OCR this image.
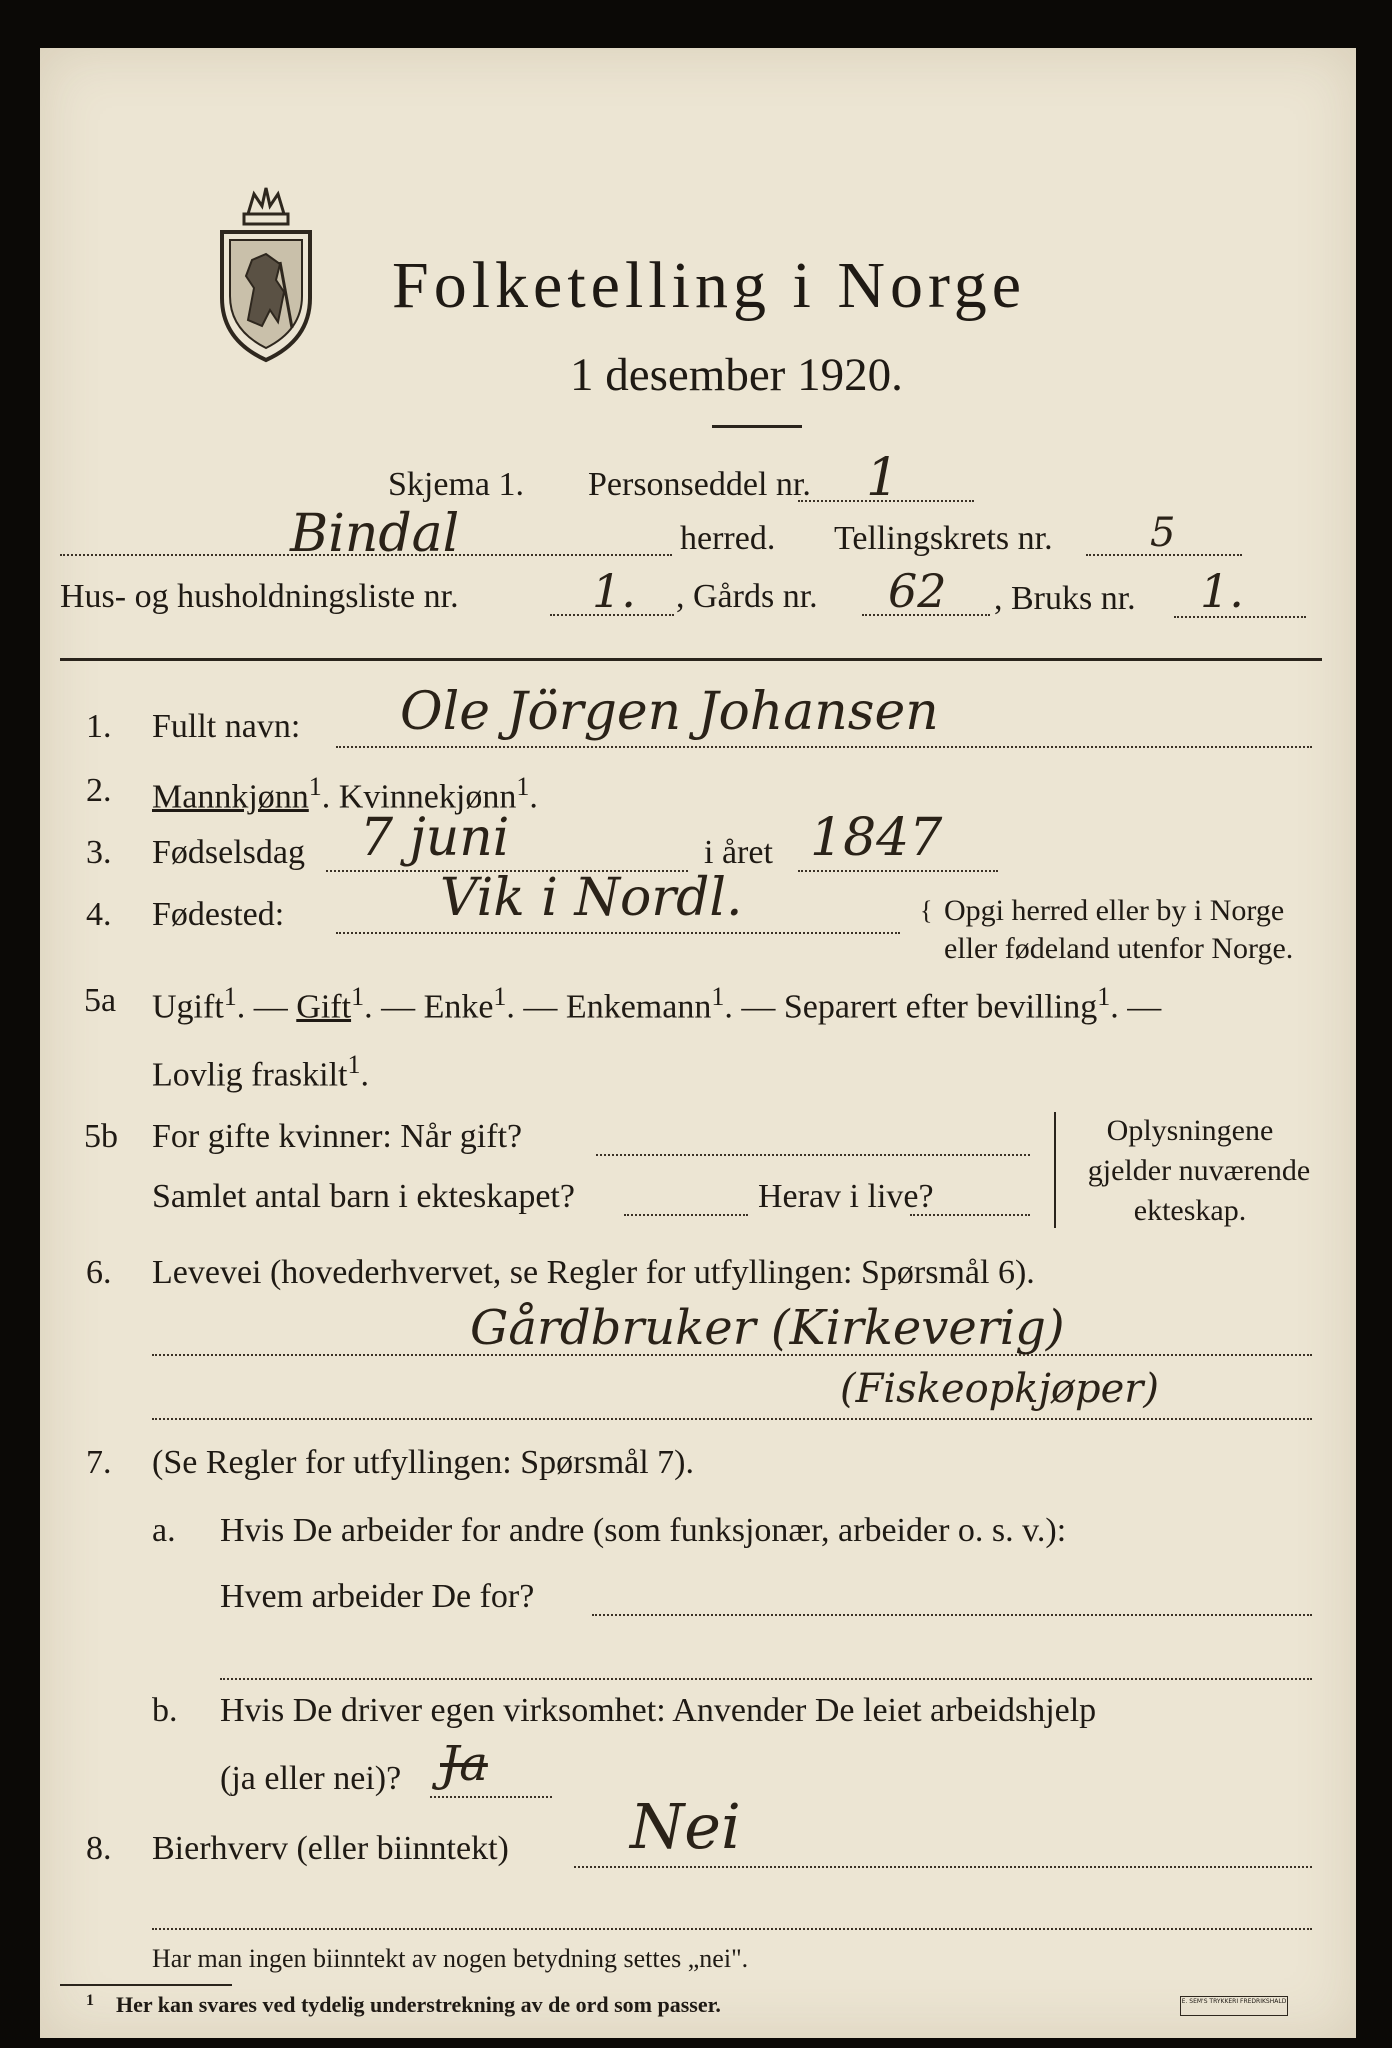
Folketelling i Norge
1 desember 1920.
Skjema 1. Personseddel nr. 1
Bindal	herred. Tellingskrets nr. 5
Hus- og husholdningsliste nr.	1. , Gårds nr. 62 , Bruks nr. 1.
1. Fullt navn: Ole Jörgen Johansen
2. Mannkjønn$^1$. Kvinnekjønn$^1$.
3. Fødselsdag 7 juni	i året 1847
4. Fødested:	Vik i Nordl.	{ Opgi herred eller by i Norge
eller fødeland utenfor Norge.
5a Ugift$^1$. — Gift$^1$. — Enke$^1$. — Enkemann$^1$. — Separert efter bevilling$^1$. —
Lovlig fraskilt$^1$.
5b For gifte kvinner: Når gift?
Samlet antal barn i ekteskapet?	Herav i live?
Oplysningene
gjelder nuværende
ekteskap.
6. Levevei (hovederhvervet, se Regler for utfyllingen: Spørsmål 6).
Gårdbruker (Kirkeverig)
(Fiskeopkjøper)
7. (Se Regler for utfyllingen: Spørsmål 7).
a. Hvis De arbeider for andre (som funksjonær, arbeider o. s. v.):
Hvem arbeider De for?
b. Hvis De driver egen virksomhet: Anvender De leiet arbeidshjelp
(ja eller nei)? Ja
8. Bierhverv (eller biinntekt) Nei
Har man ingen biinntekt av nogen betydning settes „nei".
1 Her kan svares ved tydelig understrekning av de ord som passer.	E. SEM'S TRYKKERI FREDRIKSHALD
